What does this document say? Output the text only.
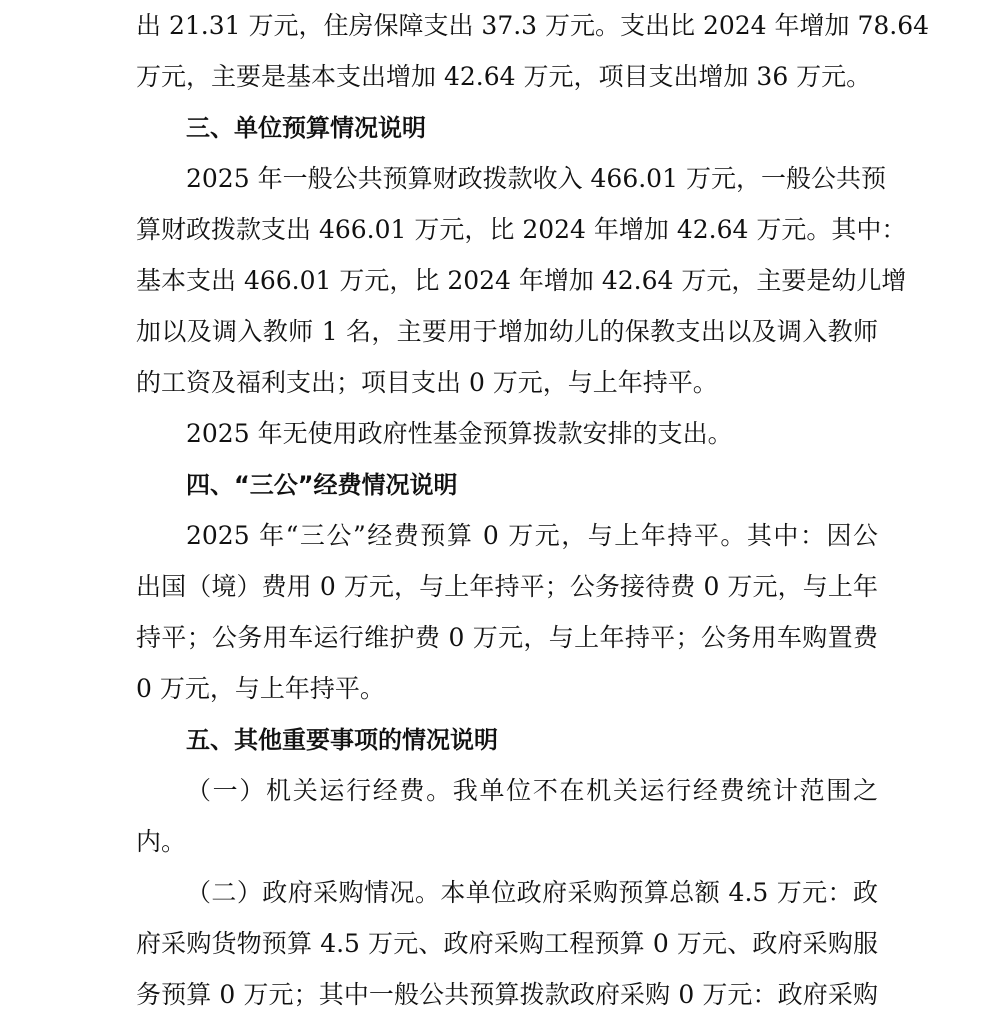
出 21.31 万元，住房保障支出 37.3 万元。支出比 2024 年增加 78.64
万元，主要是基本支出增加 42.64 万元，项目支出增加 36 万元。
三、单位预算情况说明
2025 年一般公共预算财政拨款收入 466.01 万元，一般公共预
算财政拨款支出 466.01 万元，比 2024 年增加 42.64 万元。其中：
基本支出 466.01 万元，比 2024 年增加 42.64 万元，主要是幼儿增
加以及调入教师 1 名，主要用于增加幼儿的保教支出以及调入教师
的工资及福利支出；项目支出 0 万元，与上年持平。
2025 年无使用政府性基金预算拨款安排的支出。
四、“三公”经费情况说明
2025 年“三公”经费预算 0 万元，与上年持平。其中：因公
出国（境）费用 0 万元，与上年持平；公务接待费 0 万元，与上年
持平；公务用车运行维护费 0 万元，与上年持平；公务用车购置费
0 万元，与上年持平。
五、其他重要事项的情况说明
（一）机关运行经费。我单位不在机关运行经费统计范围之
内。
（二）政府采购情况。本单位政府采购预算总额 4.5 万元：政
府采购货物预算 4.5 万元、政府采购工程预算 0 万元、政府采购服
务预算 0 万元；其中一般公共预算拨款政府采购 0 万元：政府采购
